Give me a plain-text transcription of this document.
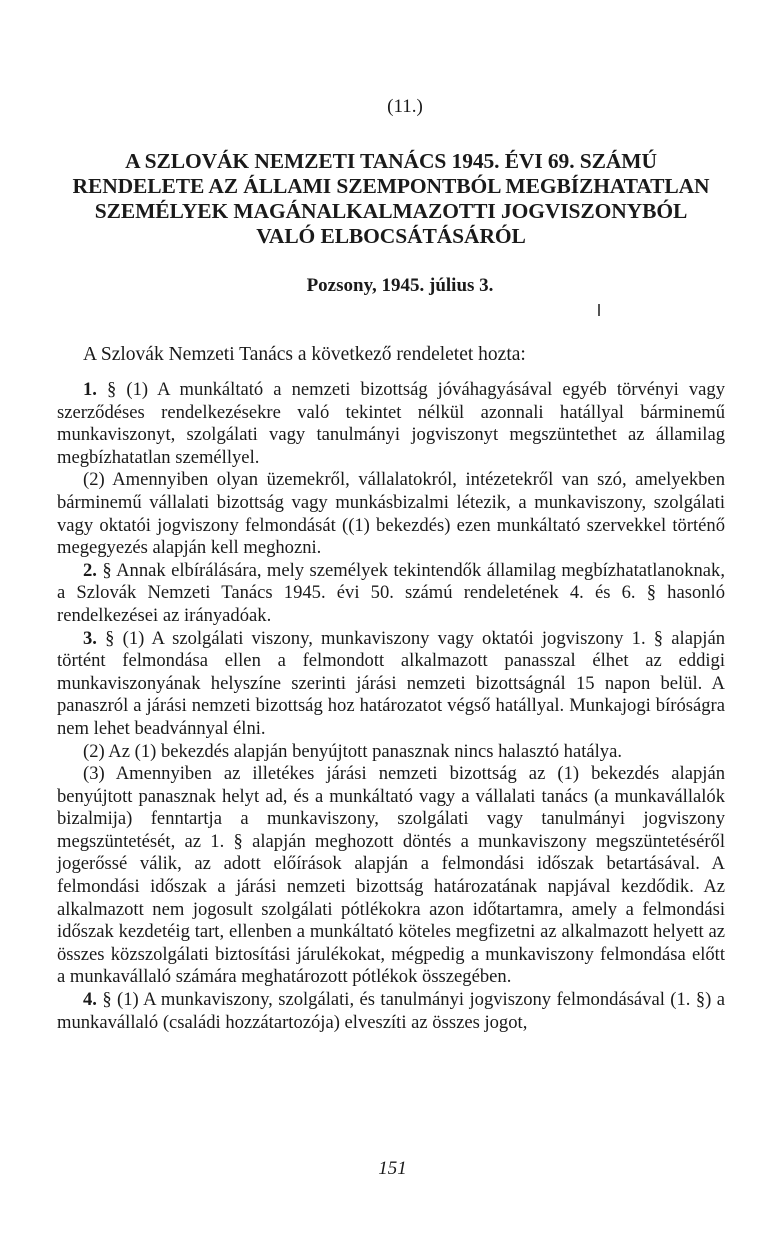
(11.)

A SZLOVÁK NEMZETI TANÁCS 1945. ÉVI 69. SZÁMÚ
RENDELETE AZ ÁLLAMI SZEMPONTBÓL MEGBÍZHATATLAN
SZEMÉLYEK MAGÁNALKALMAZOTTI JOGVISZONYBÓL
VALÓ ELBOCSÁTÁSÁRÓL

Pozsony, 1945. július 3.

A Szlovák Nemzeti Tanács a következő rendeletet hozta:

1. § (1) A munkáltató a nemzeti bizottság jóváhagyásával egyéb törvényi vagy szerződéses rendelkezésekre való tekintet nélkül azonnali hatállyal bárminemű munkaviszonyt, szolgálati vagy tanulmányi jogviszonyt megszüntethet az államilag megbízhatatlan személlyel.

(2) Amennyiben olyan üzemekről, vállalatokról, intézetekről van szó, amelyekben bárminemű vállalati bizottság vagy munkásbizalmi létezik, a munkaviszony, szolgálati vagy oktatói jogviszony felmondását ((1) bekezdés) ezen munkáltató szervekkel történő megegyezés alapján kell meghozni.

2. § Annak elbírálására, mely személyek tekintendők államilag megbízhatatlanoknak, a Szlovák Nemzeti Tanács 1945. évi 50. számú rendeletének 4. és 6. § hasonló rendelkezései az irányadóak.

3. § (1) A szolgálati viszony, munkaviszony vagy oktatói jogviszony 1. § alapján történt felmondása ellen a felmondott alkalmazott panasszal élhet az eddigi munkaviszonyának helyszíne szerinti járási nemzeti bizottságnál 15 napon belül. A panaszról a járási nemzeti bizottság hoz határozatot végső hatállyal. Munkajogi bíróságra nem lehet beadvánnyal élni.

(2) Az (1) bekezdés alapján benyújtott panasznak nincs halasztó hatálya.

(3) Amennyiben az illetékes járási nemzeti bizottság az (1) bekezdés alapján benyújtott panasznak helyt ad, és a munkáltató vagy a vállalati tanács (a munkavállalók bizalmija) fenntartja a munkaviszony, szolgálati vagy tanulmányi jogviszony megszüntetését, az 1. § alapján meghozott döntés a munkaviszony megszüntetéséről jogerőssé válik, az adott előírások alapján a felmondási időszak betartásával. A felmondási időszak a járási nemzeti bizottság határozatának napjával kezdődik. Az alkalmazott nem jogosult szolgálati pótlékokra azon időtartamra, amely a felmondási időszak kezdetéig tart, ellenben a munkáltató köteles megfizetni az alkalmazott helyett az összes közszolgálati biztosítási járulékokat, mégpedig a munkaviszony felmondása előtt a munkavállaló számára meghatározott pótlékok összegében.

4. § (1) A munkaviszony, szolgálati, és tanulmányi jogviszony felmondásával (1. §) a munkavállaló (családi hozzátartozója) elveszíti az összes jogot,

151
